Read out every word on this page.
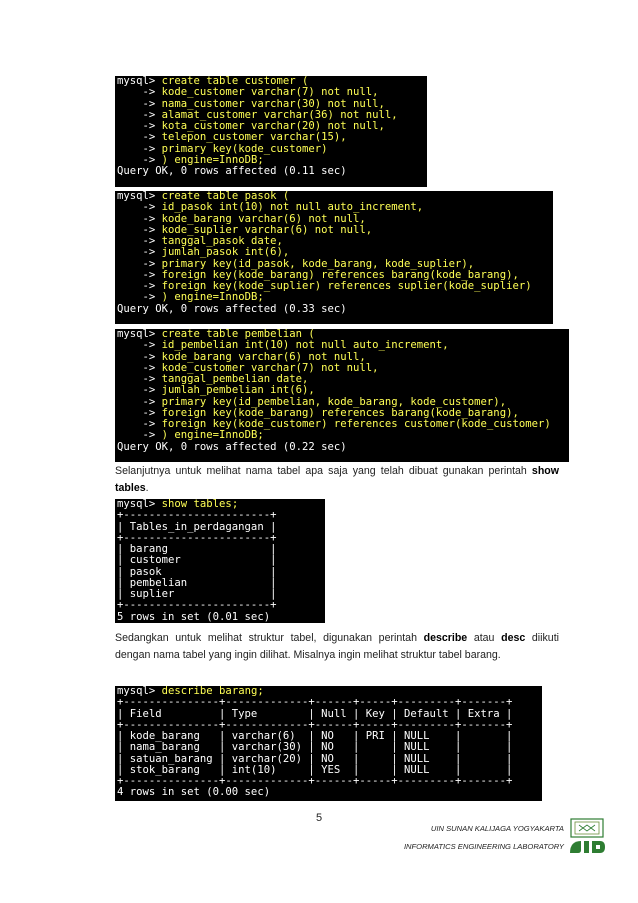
mysql> create table customer (
-> kode_customer varchar(7) not null,
-> nama_customer varchar(30) not null,
-> alamat_customer varchar(36) not null,
-> kota_customer varchar(20) not null,
-> telepon_customer varchar(15),
-> primary key(kode_customer)
-> ) engine=InnoDB;
Query OK, 0 rows affected (0.11 sec)
mysql> create table pasok (
-> id_pasok int(10) not null auto_increment,
-> kode_barang varchar(6) not null,
-> kode_suplier varchar(6) not null,
-> tanggal_pasok date,
-> jumlah_pasok int(6),
-> primary key(id_pasok, kode_barang, kode_suplier),
-> foreign key(kode_barang) references barang(kode_barang),
-> foreign key(kode_suplier) references suplier(kode_suplier)
-> ) engine=InnoDB;
Query OK, 0 rows affected (0.33 sec)
mysql> create table pembelian (
-> id_pembelian int(10) not null auto_increment,
-> kode_barang varchar(6) not null,
-> kode_customer varchar(7) not null,
-> tanggal_pembelian date,
-> jumlah_pembelian int(6),
-> primary key(id_pembelian, kode_barang, kode_customer),
-> foreign key(kode_barang) references barang(kode_barang),
-> foreign key(kode_customer) references customer(kode_customer)
-> ) engine=InnoDB;
Query OK, 0 rows affected (0.22 sec)

Selanjutnya untuk melihat nama tabel apa saja yang telah dibuat gunakan perintah show tables.

mysql> show tables;
+-----------------------+
| Tables_in_perdagangan |
+-----------------------+
| barang                |
| customer              |
| pasok                 |
| pembelian             |
| suplier               |
+-----------------------+
5 rows in set (0.01 sec)

Sedangkan untuk melihat struktur tabel, digunakan perintah describe atau desc diikuti dengan nama tabel yang ingin dilihat. Misalnya ingin melihat struktur tabel barang.

mysql> describe barang;
+---------------+-------------+------+-----+---------+-------+
| Field         | Type        | Null | Key | Default | Extra |
+---------------+-------------+------+-----+---------+-------+
| kode_barang   | varchar(6)  | NO   | PRI | NULL    |       |
| nama_barang   | varchar(30) | NO   |     | NULL    |       |
| satuan_barang | varchar(20) | NO   |     | NULL    |       |
| stok_barang   | int(10)     | YES  |     | NULL    |       |
+---------------+-------------+------+-----+---------+-------+
4 rows in set (0.00 sec)
5
UIN SUNAN KALIJAGA YOGYAKARTA
INFORMATICS ENGINEERING LABORATORY
